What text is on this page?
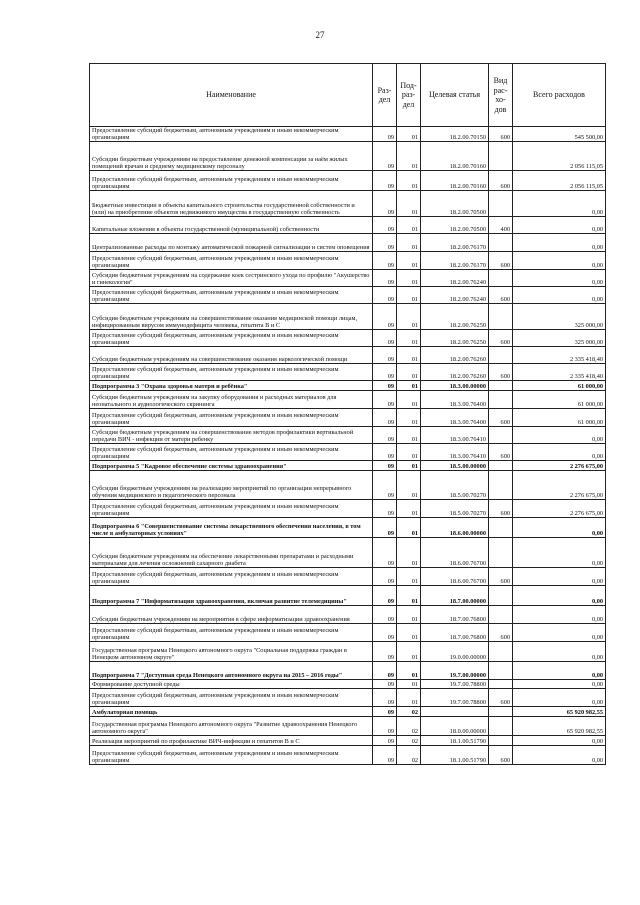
27
Наименование	Раз-дел	Под-раз-дел	Целевая статья	Вид рас-хо-дов	Всего расходов
Предоставление субсидий бюджетным, автономным учреждениям и иным некоммерческим организациям	09	01	18.2.00.70150	600	545 500,00
Субсидии бюджетным учреждениям на предоставление денежной компенсации за наём жилых помещений врачам и среднему медицинскому персоналу	09	01	18.2.00.70160		2 056 115,05
Предоставление субсидий бюджетным, автономным учреждениям и иным некоммерческим организациям	09	01	18.2.00.70160	600	2 056 115,05
Бюджетные инвестиции в объекты капитального строительства государственной собственности и (или) на приобретение объектов недвижимого имущества в государственную собственность	09	01	18.2.00.70500		0,00
Капитальные вложения в объекты государственной (муниципальной) собственности	09	01	18.2.00.70500	400	0,00
Централизованные расходы по монтажу автоматической пожарной сигнализации и систем оповещения	09	01	18.2.00.76170		0,00
Предоставление субсидий бюджетным, автономным учреждениям и иным некоммерческим организациям	09	01	18.2.00.76170	600	0,00
Субсидия бюджетным учреждениям на содержание коек сестринского ухода по профилю "Акушерство и гинекология"	09	01	18.2.00.76240		0,00
Предоставление субсидий бюджетным, автономным учреждениям и иным некоммерческим организациям	09	01	18.2.00.76240	600	0,00
Субсидия бюджетным учреждениям на совершенствование оказания медицинской помощи лицам, инфицированным вирусом иммунодефицита человека, гепатита В и С	09	01	18.2.00.76250		325 000,00
Предоставление субсидий бюджетным, автономным учреждениям и иным некоммерческим организациям	09	01	18.2.00.76250	600	325 000,00
Субсидия бюджетным учреждениям на совершенствование оказания наркологической помощи	09	01	18.2.00.76260		2 335 418,40
Предоставление субсидий бюджетным, автономным учреждениям и иным некоммерческим организациям	09	01	18.2.00.76260	600	2 335 418,40
Подпрограмма 3 "Охрана здоровья матери и ребёнка"	09	01	18.3.00.00000		61 000,00
Субсидия бюджетным учреждениям на закупку оборудования и расходных материалов для неонатального и аудиологического скрининга	09	01	18.3.00.76400		61 000,00
Предоставление субсидий бюджетным, автономным учреждениям и иным некоммерческим организациям	09	01	18.3.00.76400	600	61 000,00
Субсидия бюджетным учреждениям на совершенствование методов профилактики вертикальной передачи ВИЧ - инфекции от матери ребенку	09	01	18.3.00.76410		0,00
Предоставление субсидий бюджетным, автономным учреждениям и иным некоммерческим организациям	09	01	18.3.00.76410	600	0,00
Подпрограмма 5 "Кадровое обеспечение системы здравоохранения"	09	01	18.5.00.00000		2 276 675,00
Субсидии бюджетным учреждениям на реализацию мероприятий по организации непрерывного обучения медицинского и педагогического персонала	09	01	18.5.00.70270		2 276 675,00
Предоставление субсидий бюджетным, автономным учреждениям и иным некоммерческим организациям	09	01	18.5.00.70270	600	2 276 675,00
Подпрограмма 6 "Совершенствование системы лекарственного обеспечения населения, в том числе в амбулаторных условиях"	09	01	18.6.00.00000		0,00
Субсидия бюджетным учреждениям на обеспечение лекарственными препаратами и расходными материалами для лечения осложнений сахарного диабета	09	01	18.6.00.76700		0,00
Предоставление субсидий бюджетным, автономным учреждениям и иным некоммерческим организациям	09	01	18.6.00.76700	600	0,00
Подпрограмма 7 "Информатизация здравоохранения, включая развитие телемедицины"	09	01	18.7.00.00000		0,00
Субсидии бюджетным учреждениям на мероприятия в сфере информатизации здравоохранения	09	01	18.7.00.76800		0,00
Предоставление субсидий бюджетным, автономным учреждениям и иным некоммерческим организациям	09	01	18.7.00.76800	600	0,00
Государственная программа Ненецкого автономного округа "Социальная поддержка граждан в Ненецком автономном округе"	09	01	19.0.00.00000		0,00
Подпрограмма 7 "Доступная среда Ненецкого автономного округа на 2015 – 2016 годы"	09	01	19.7.00.00000		0,00
Формирование доступной среды	09	01	19.7.00.78800		0,00
Предоставление субсидий бюджетным, автономным учреждениям и иным некоммерческим организациям	09	01	19.7.00.78800	600	0,00
Амбулаторная помощь	09	02			65 920 982,55
Государственная программа Ненецкого автономного округа "Развитие здравоохранения Ненецкого автономного округа"	09	02	18.0.00.00000		65 920 982,55
Реализация мероприятий по профилактике ВИЧ-инфекции и гепатитов В и С	09	02	18.1.00.51790		0,00
Предоставление субсидий бюджетным, автономным учреждениям и иным некоммерческим организациям	09	02	18.1.00.51790	600	0,00
